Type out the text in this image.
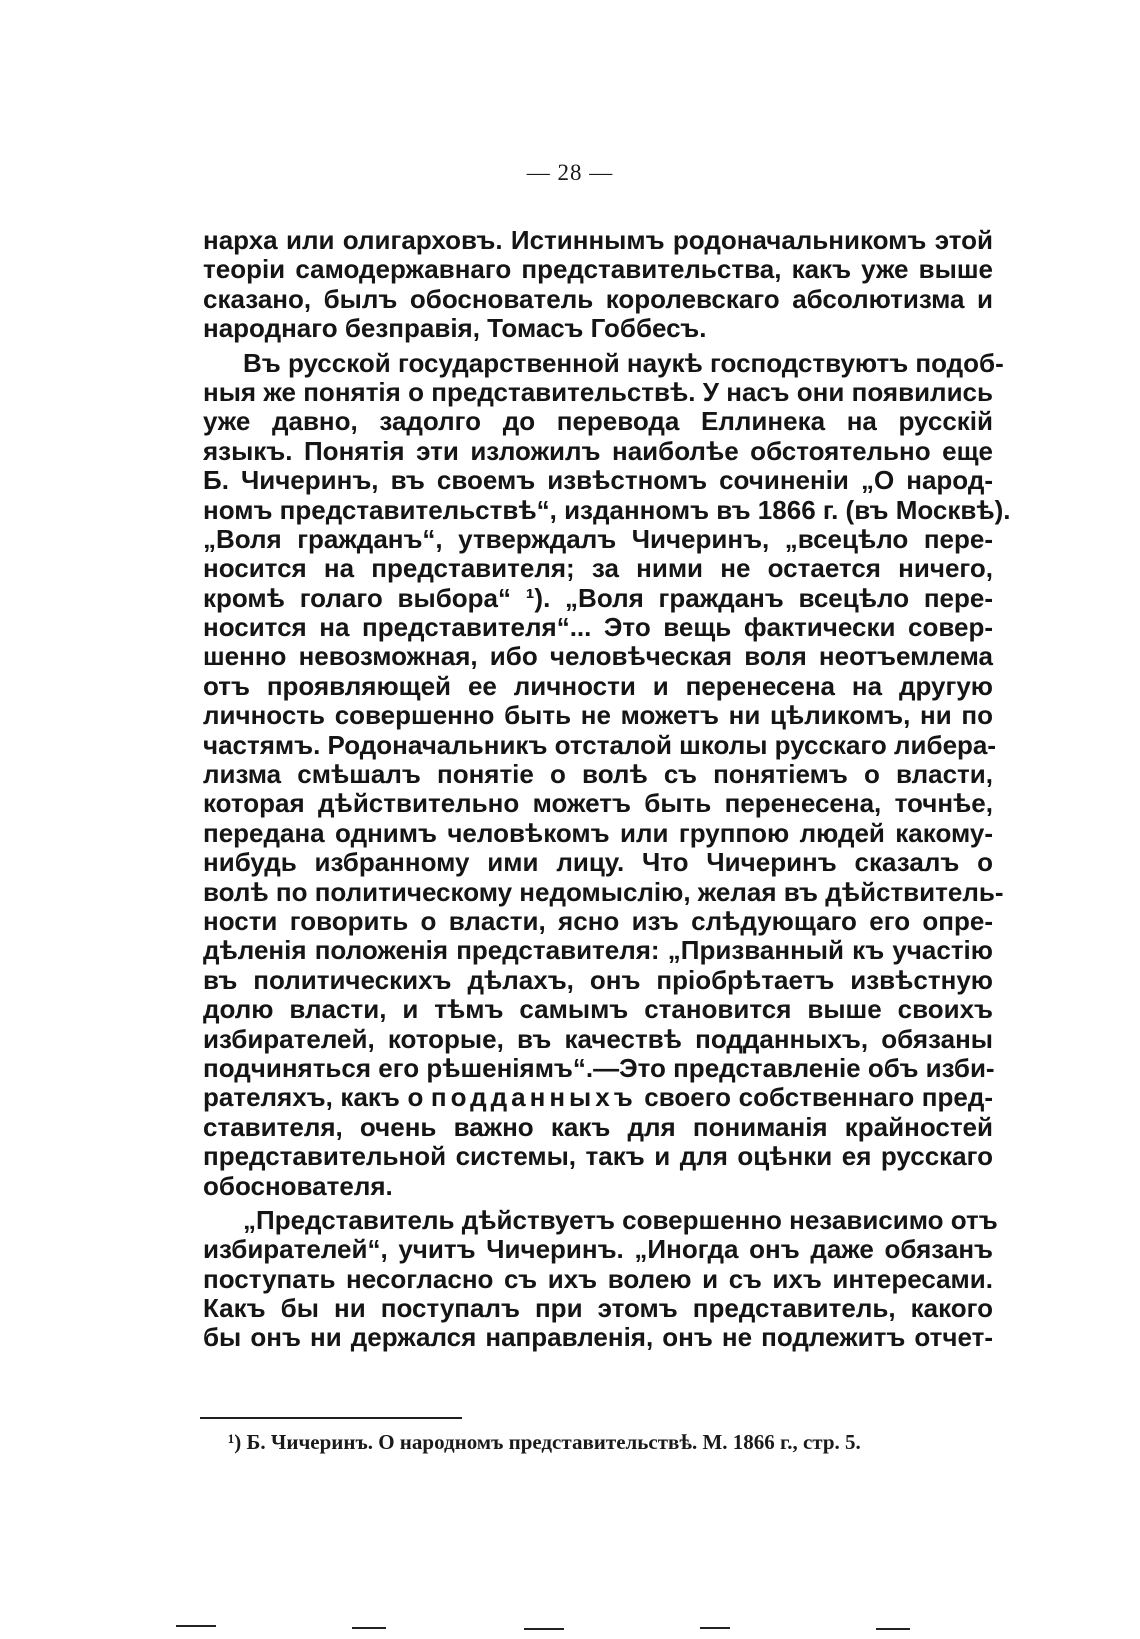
— 28 —
нарха или олигарховъ. Истиннымъ родоначальникомъ этой
теоріи самодержавнаго представительства, какъ уже выше
сказано, былъ обоснователь королевскаго абсолютизма и
народнаго безправія, Томасъ Гоббесъ.
Въ русской государственной наукѣ господствуютъ подоб-
ныя же понятія о представительствѣ. У насъ они появились
уже давно, задолго до перевода Еллинека на русскій
языкъ. Понятія эти изложилъ наиболѣе обстоятельно еще
Б. Чичеринъ, въ своемъ извѣстномъ сочиненіи „О народ-
номъ представительствѣ“, изданномъ въ 1866 г. (въ Москвѣ).
„Воля гражданъ“, утверждалъ Чичеринъ, „всецѣло пере-
носится на представителя; за ними не остается ничего,
кромѣ голаго выбора“ ¹). „Воля гражданъ всецѣло пере-
носится на представителя“... Это вещь фактически совер-
шенно невозможная, ибо человѣческая воля неотъемлема
отъ проявляющей ее личности и перенесена на другую
личность совершенно быть не можетъ ни цѣликомъ, ни по
частямъ. Родоначальникъ отсталой школы русскаго либера-
лизма смѣшалъ понятіе о волѣ съ понятіемъ о власти,
которая дѣйствительно можетъ быть перенесена, точнѣе,
передана однимъ человѣкомъ или группою людей какому-
нибудь избранному ими лицу. Что Чичеринъ сказалъ о
волѣ по политическому недомыслію, желая въ дѣйствитель-
ности говорить о власти, ясно изъ слѣдующаго его опре-
дѣленія положенія представителя: „Призванный къ участію
въ политическихъ дѣлахъ, онъ пріобрѣтаетъ извѣстную
долю власти, и тѣмъ самымъ становится выше своихъ
избирателей, которые, въ качествѣ подданныхъ, обязаны
подчиняться его рѣшеніямъ“.—Это представленіе объ изби-
рателяхъ, какъ о подданныхъ своего собственнаго пред-
ставителя, очень важно какъ для пониманія крайностей
представительной системы, такъ и для оцѣнки ея русскаго
обоснователя.
„Представитель дѣйствуетъ совершенно независимо отъ
избирателей“, учитъ Чичеринъ. „Иногда онъ даже обязанъ
поступать несогласно съ ихъ волею и съ ихъ интересами.
Какъ бы ни поступалъ при этомъ представитель, какого
бы онъ ни держался направленія, онъ не подлежитъ отчет-
¹) Б. Чичеринъ. О народномъ представительствѣ. М. 1866 г., стр. 5.
